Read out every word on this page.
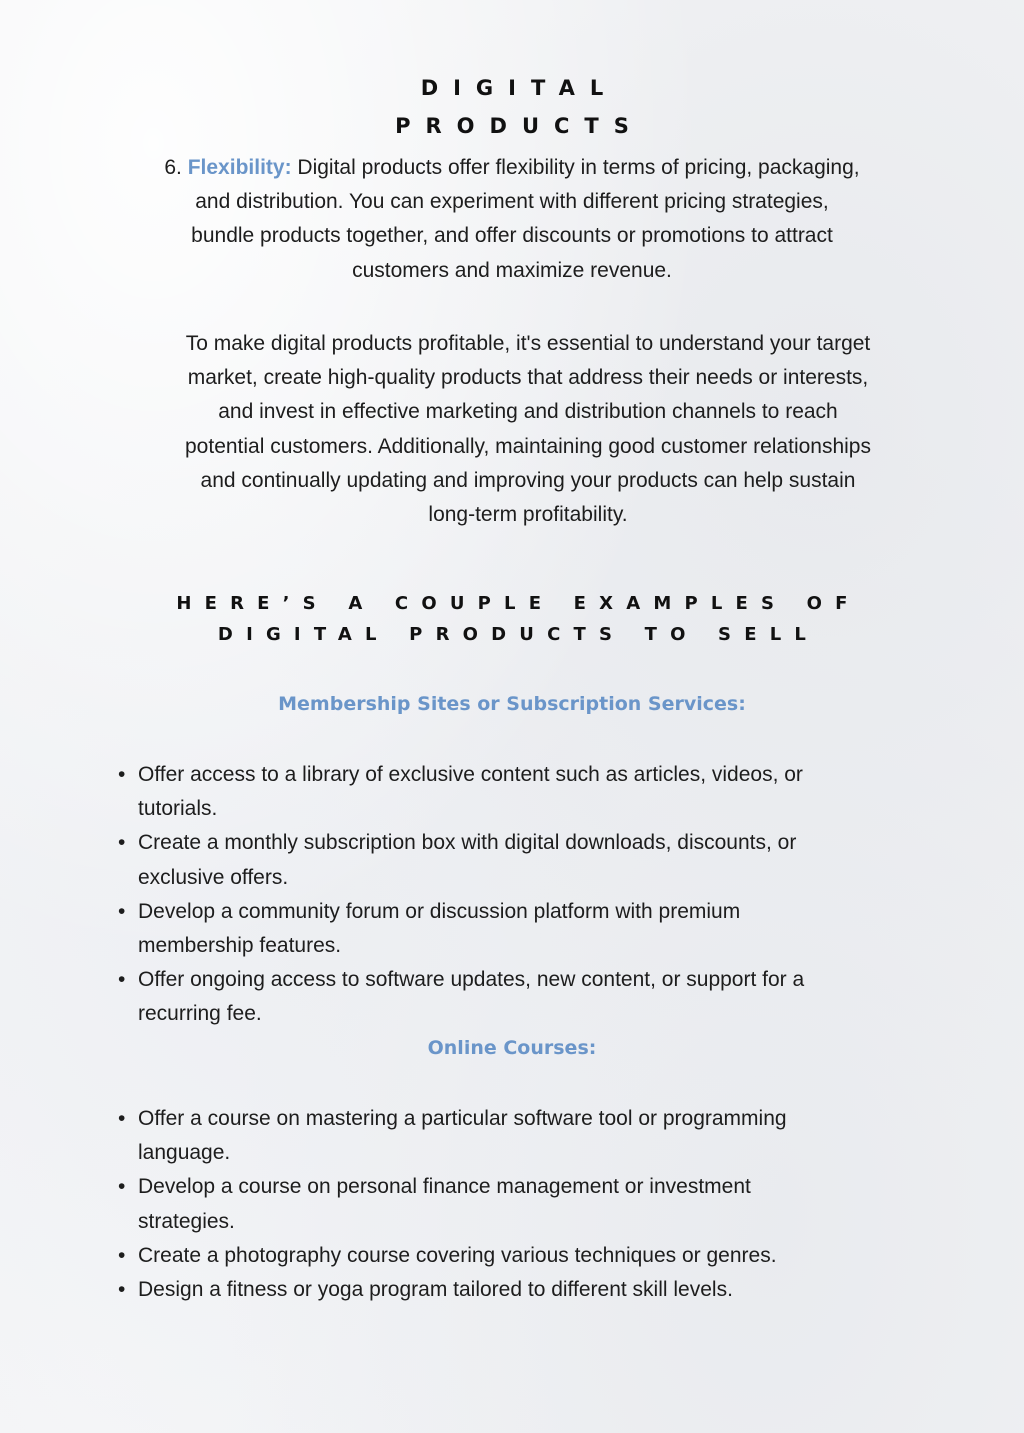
DIGITAL
PRODUCTS
6. Flexibility: Digital products offer flexibility in terms of pricing, packaging,
and distribution. You can experiment with different pricing strategies,
bundle products together, and offer discounts or promotions to attract
customers and maximize revenue.
To make digital products profitable, it's essential to understand your target
market, create high-quality products that address their needs or interests,
and invest in effective marketing and distribution channels to reach
potential customers. Additionally, maintaining good customer relationships
and continually updating and improving your products can help sustain
long-term profitability.
HERE’S A COUPLE EXAMPLES OF
DIGITAL PRODUCTS TO SELL
Membership Sites or Subscription Services:
• Offer access to a library of exclusive content such as articles, videos, or
tutorials.
• Create a monthly subscription box with digital downloads, discounts, or
exclusive offers.
• Develop a community forum or discussion platform with premium
membership features.
• Offer ongoing access to software updates, new content, or support for a
recurring fee.
Online Courses:
• Offer a course on mastering a particular software tool or programming
language.
• Develop a course on personal finance management or investment
strategies.
• Create a photography course covering various techniques or genres.
• Design a fitness or yoga program tailored to different skill levels.
